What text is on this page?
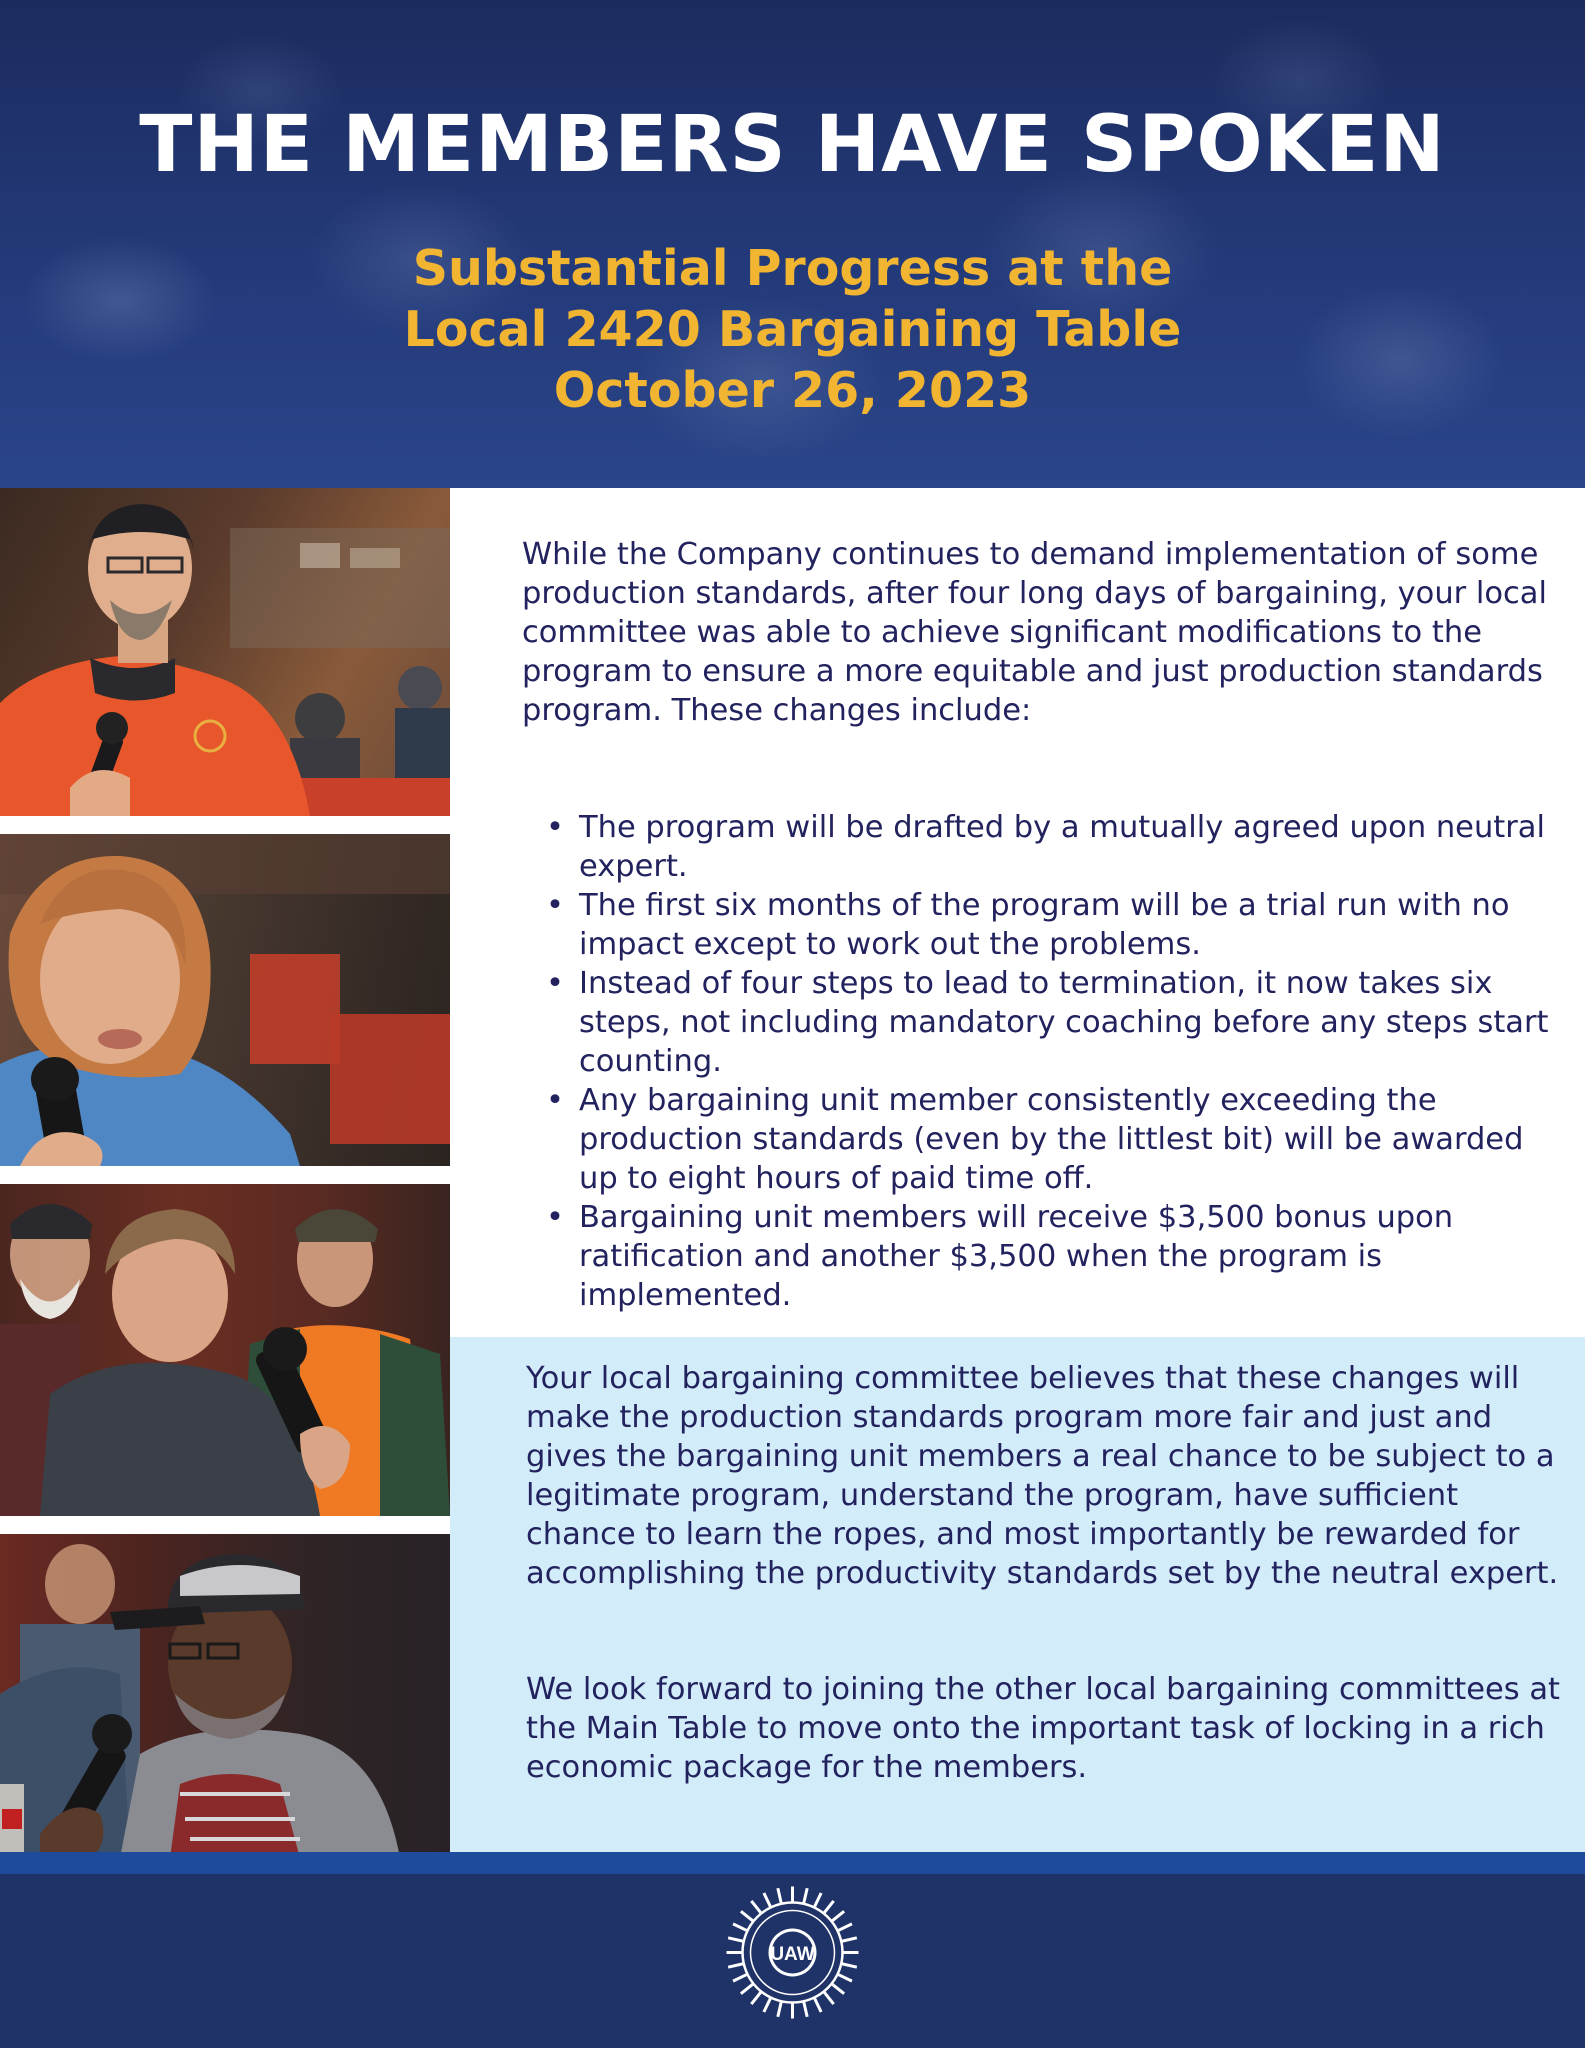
THE MEMBERS HAVE SPOKEN
Substantial Progress at the
Local 2420 Bargaining Table
October 26, 2023
While the Company continues to demand implementation of some production standards, after four long days of bargaining, your local committee was able to achieve significant modifications to the program to ensure a more equitable and just production standards program. These changes include:
• The program will be drafted by a mutually agreed upon neutral expert.
• The first six months of the program will be a trial run with no impact except to work out the problems.
• Instead of four steps to lead to termination, it now takes six steps, not including mandatory coaching before any steps start counting.
• Any bargaining unit member consistently exceeding the production standards (even by the littlest bit) will be awarded up to eight hours of paid time off.
• Bargaining unit members will receive $3,500 bonus upon ratification and another $3,500 when the program is implemented.
Your local bargaining committee believes that these changes will make the production standards program more fair and just and gives the bargaining unit members a real chance to be subject to a legitimate program, understand the program, have sufficient chance to learn the ropes, and most importantly be rewarded for accomplishing the productivity standards set by the neutral expert.
We look forward to joining the other local bargaining committees at the Main Table to move onto the important task of locking in a rich economic package for the members.
UAW
